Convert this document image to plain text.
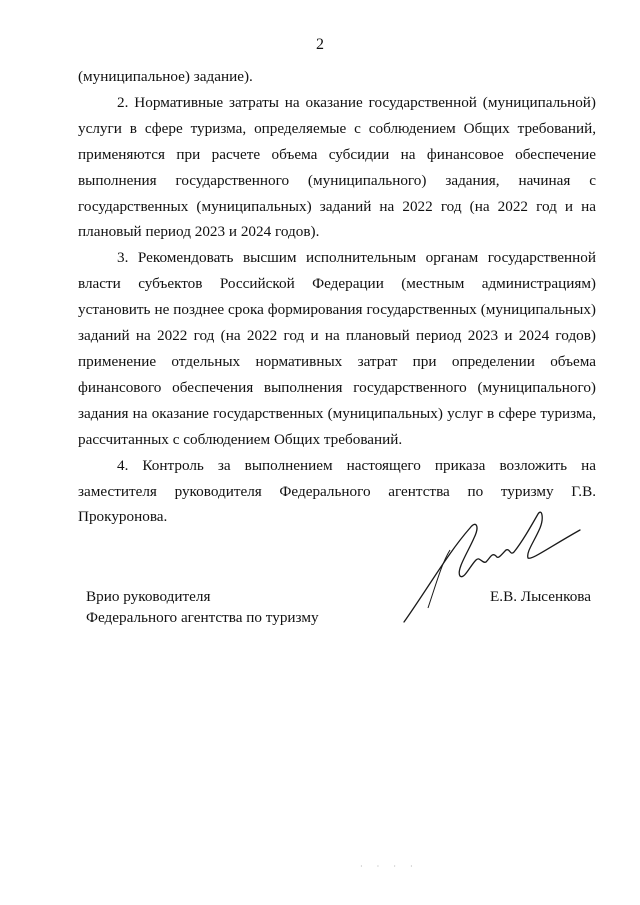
2

(муниципальное) задание).

2. Нормативные затраты на оказание государственной (муниципальной) услуги в сфере туризма, определяемые с соблюдением Общих требований, применяются при расчете объема субсидии на финансовое обеспечение выполнения государственного (муниципального) задания, начиная с государственных (муниципальных) заданий на 2022 год (на 2022 год и на плановый период 2023 и 2024 годов).

3. Рекомендовать высшим исполнительным органам государственной власти субъектов Российской Федерации (местным администрациям) установить не позднее срока формирования государственных (муниципальных) заданий на 2022 год (на 2022 год и на плановый период 2023 и 2024 годов) применение отдельных нормативных затрат при определении объема финансового обеспечения выполнения государственного (муниципального) задания на оказание государственных (муниципальных) услуг в сфере туризма, рассчитанных с соблюдением Общих требований.

4. Контроль за выполнением настоящего приказа возложить на заместителя руководителя Федерального агентства по туризму Г.В. Прокуронова.

Врио руководителя
Федерального агентства по туризму
Е.В. Лысенкова
· · · ·
